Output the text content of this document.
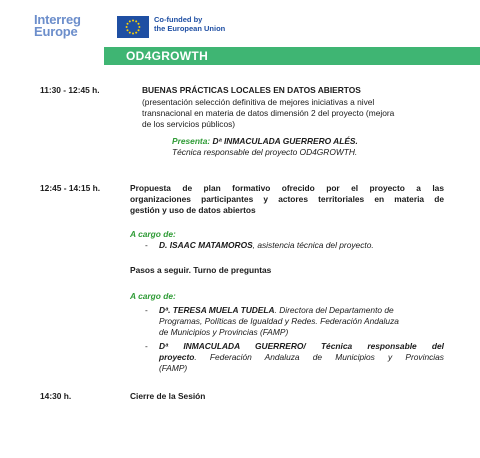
Interreg
Europe
Co-funded by
the European Union
OD4GROWTH
11:30 - 12:45 h.	BUENAS PRÁCTICAS LOCALES EN DATOS ABIERTOS
(presentación selección definitiva de mejores iniciativas a nivel
transnacional en materia de datos dimensión 2 del proyecto (mejora
de los servicios públicos)
Presenta: Dª INMACULADA GUERRERO ALÉS.
Técnica responsable del proyecto OD4GROWTH.
12:45 - 14:15 h.	Propuesta de plan formativo ofrecido por el proyecto a las
organizaciones participantes y actores territoriales en materia de
gestión y uso de datos abiertos
A cargo de:
- D. ISAAC MATAMOROS, asistencia técnica del proyecto.
Pasos a seguir. Turno de preguntas
A cargo de:
- Dª. TERESA MUELA TUDELA. Directora del Departamento de
Programas, Políticas de Igualdad y Redes. Federación Andaluza
de Municipios y Provincias (FAMP)
- Dª INMACULADA GUERRERO/ Técnica responsable del
proyecto. Federación Andaluza de Municipios y Provincias
(FAMP)
14:30 h.	Cierre de la Sesión
